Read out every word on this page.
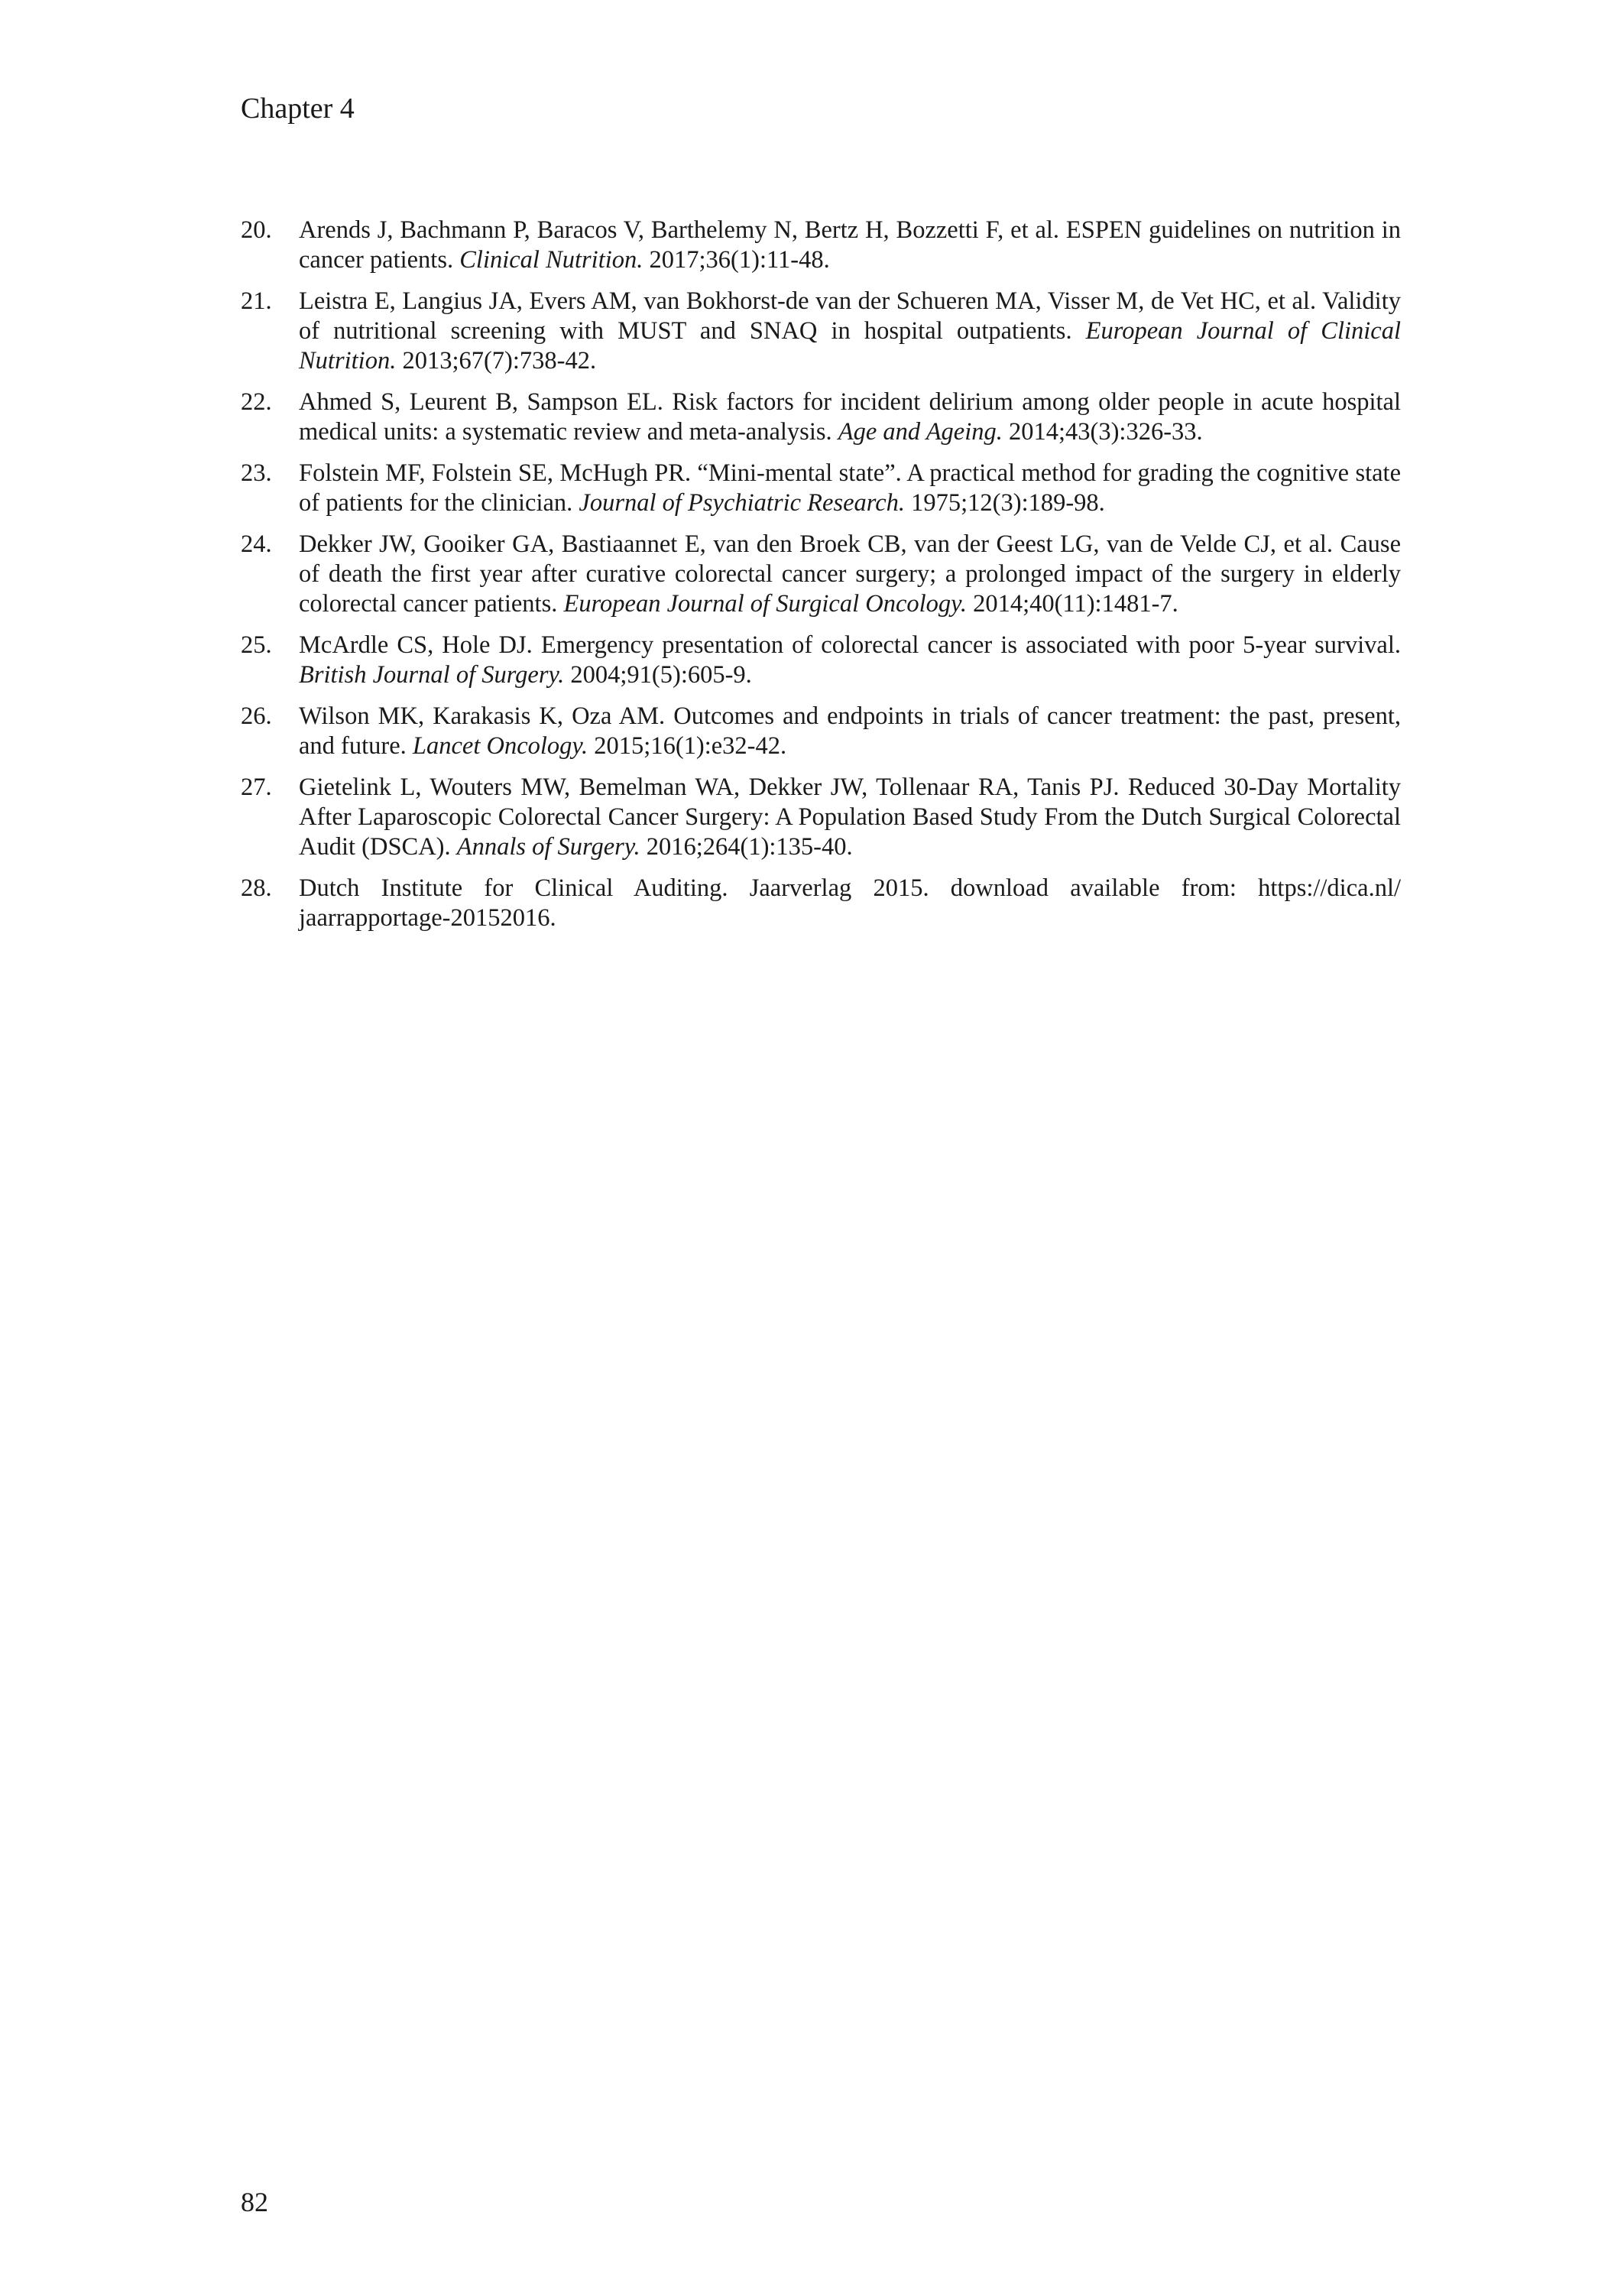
Chapter 4
20. Arends J, Bachmann P, Baracos V, Barthelemy N, Bertz H, Bozzetti F, et al. ESPEN guidelines on nutrition in cancer patients. Clinical Nutrition. 2017;36(1):11-48.
21. Leistra E, Langius JA, Evers AM, van Bokhorst-de van der Schueren MA, Visser M, de Vet HC, et al. Validity of nutritional screening with MUST and SNAQ in hospital outpatients. European Journal of Clinical Nutrition. 2013;67(7):738-42.
22. Ahmed S, Leurent B, Sampson EL. Risk factors for incident delirium among older people in acute hospital medical units: a systematic review and meta-analysis. Age and Ageing. 2014;43(3):326-33.
23. Folstein MF, Folstein SE, McHugh PR. “Mini-mental state”. A practical method for grading the cognitive state of patients for the clinician. Journal of Psychiatric Research. 1975;12(3):189-98.
24. Dekker JW, Gooiker GA, Bastiaannet E, van den Broek CB, van der Geest LG, van de Velde CJ, et al. Cause of death the first year after curative colorectal cancer surgery; a prolonged impact of the surgery in elderly colorectal cancer patients. European Journal of Surgical Oncology. 2014;40(11):1481-7.
25. McArdle CS, Hole DJ. Emergency presentation of colorectal cancer is associated with poor 5-year survival. British Journal of Surgery. 2004;91(5):605-9.
26. Wilson MK, Karakasis K, Oza AM. Outcomes and endpoints in trials of cancer treatment: the past, present, and future. Lancet Oncology. 2015;16(1):e32-42.
27. Gietelink L, Wouters MW, Bemelman WA, Dekker JW, Tollenaar RA, Tanis PJ. Reduced 30-Day Mortality After Laparoscopic Colorectal Cancer Surgery: A Population Based Study From the Dutch Surgical Colorectal Audit (DSCA). Annals of Surgery. 2016;264(1):135-40.
28. Dutch Institute for Clinical Auditing. Jaarverlag 2015. download available from: https://dica.nl/ jaarrapportage-20152016.
82
